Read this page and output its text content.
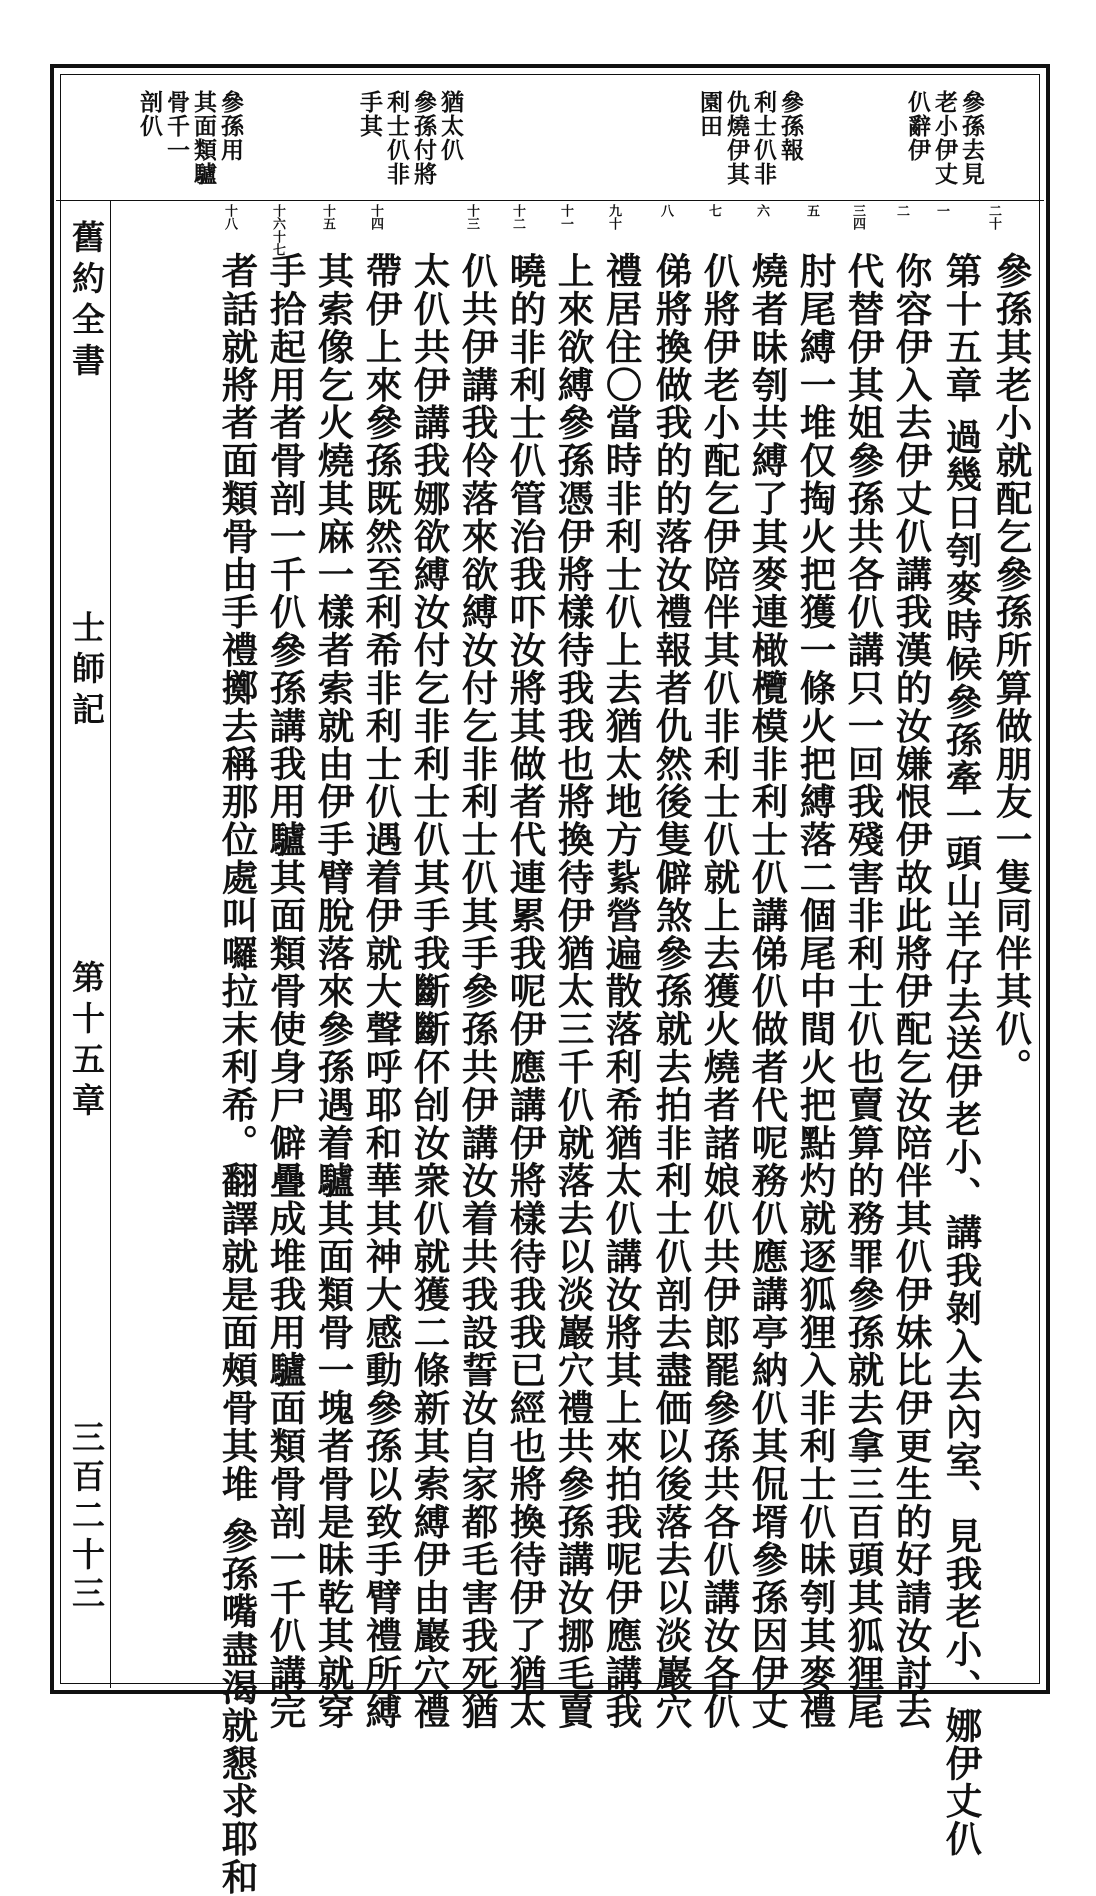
參孫去見
老小伊丈
仈辭伊
參孫報
利士仈非
仇燒伊其
園田
猶太仈
參孫付將
利士仈非
手其
參孫用
其面類驢
骨千一
剖仈
二十
一
二
三四
五
六
七
八
九十
十一
十二
十三
十四
十五
十六十七
十八
參孫其老小就配乞參孫所算做朋友一隻同伴其仈。
第十五章 過幾日刳麥時候參孫牽一頭山羊仔去送伊老小、講我剝入去內室、見我老小、娜伊丈仈
你容伊入去伊丈仈講我漢的汝嫌恨伊故此將伊配乞汝陪伴其仈伊妹比伊更生的好請汝討去
代替伊其姐參孫共各仈講只一回我殘害非利士仈也賣算的務罪參孫就去拿三百頭其狐狸尾
肘尾縛一堆仅掏火把獲一條火把縛落二個尾中間火把點灼就逐狐狸入非利士仈昧刳其麥禮
燒者昧刳共縛了其麥連橄欖模非利士仈講俤仈做者代呢務仈應講亭納仈其侃壻參孫因伊丈
仈將伊老小配乞伊陪伴其仈非利士仈就上去獲火燒者諸娘仈共伊郎罷參孫共各仈講汝各仈
俤將換做我的的落汝禮報者仇然後隻僻煞參孫就去拍非利士仈剖去盡価以後落去以淡巖穴
禮居住〇當時非利士仈上去猶太地方紥營遍散落利希猶太仈講汝將其上來拍我呢伊應講我
上來欲縛參孫憑伊將樣待我我也將換待伊猶太三千仈就落去以淡巖穴禮共參孫講汝挪毛賣
曉的非利士仈管治我吓汝將其做者代連累我呢伊應講伊將樣待我我已經也將換待伊了猶太
仈共伊講我伶落來欲縛汝付乞非利士仈其手參孫共伊講汝着共我設誓汝自家都毛害我死猶
太仈共伊講我娜欲縛汝付乞非利士仈其手我斷斷伓刣汝衆仈就獲二條新其索縛伊由巖穴禮
帶伊上來參孫既然至利希非利士仈遇着伊就大聲呼耶和華其神大感動參孫以致手臂禮所縛
其索像乞火燒其麻一樣者索就由伊手臂脫落來參孫遇着驢其面類骨一塊者骨是昧乾其就穿
手拾起用者骨剖一千仈參孫講我用驢其面類骨使身尸僻疊成堆我用驢面類骨剖一千仈講完
者話就將者面類骨由手禮擲去稱那位處叫囉拉末利希。翻譯就是面頰骨其堆 參孫嘴盡渴就懇求耶和
舊約全書
士師記
第十五章
三百二十三
